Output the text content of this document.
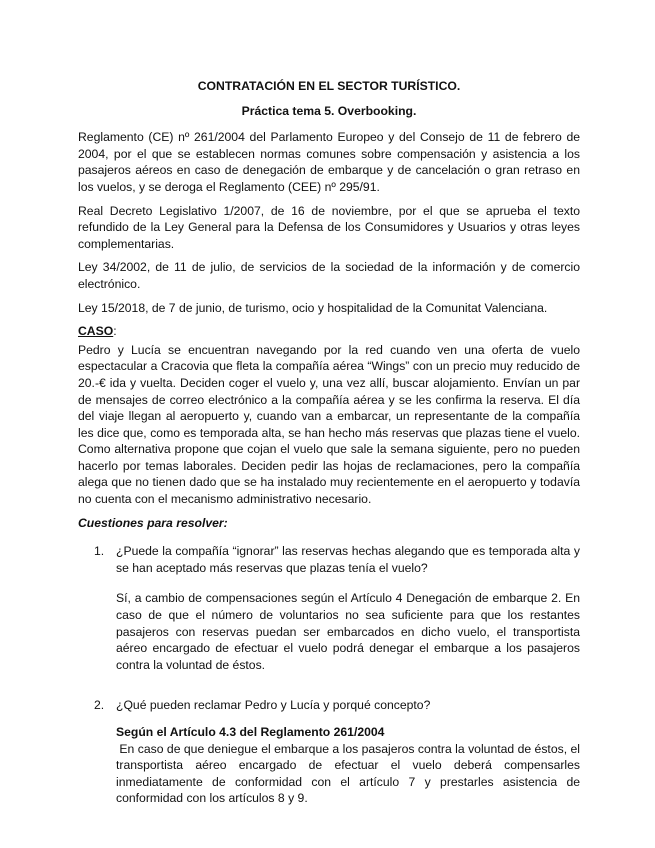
CONTRATACIÓN EN EL SECTOR TURÍSTICO.

Práctica tema 5. Overbooking.

Reglamento (CE) nº 261/2004 del Parlamento Europeo y del Consejo de 11 de febrero de 2004, por el que se establecen normas comunes sobre compensación y asistencia a los pasajeros aéreos en caso de denegación de embarque y de cancelación o gran retraso en los vuelos, y se deroga el Reglamento (CEE) nº 295/91.

Real Decreto Legislativo 1/2007, de 16 de noviembre, por el que se aprueba el texto refundido de la Ley General para la Defensa de los Consumidores y Usuarios y otras leyes complementarias.

Ley 34/2002, de 11 de julio, de servicios de la sociedad de la información y de comercio electrónico.

Ley 15/2018, de 7 de junio, de turismo, ocio y hospitalidad de la Comunitat Valenciana.

CASO:

Pedro y Lucía se encuentran navegando por la red cuando ven una oferta de vuelo espectacular a Cracovia que fleta la compañía aérea “Wings” con un precio muy reducido de 20.-€ ida y vuelta. Deciden coger el vuelo y, una vez allí, buscar alojamiento. Envían un par de mensajes de correo electrónico a la compañía aérea y se les confirma la reserva. El día del viaje llegan al aeropuerto y, cuando van a embarcar, un representante de la compañía les dice que, como es temporada alta, se han hecho más reservas que plazas tiene el vuelo. Como alternativa propone que cojan el vuelo que sale la semana siguiente, pero no pueden hacerlo por temas laborales. Deciden pedir las hojas de reclamaciones, pero la compañía alega que no tienen dado que se ha instalado muy recientemente en el aeropuerto y todavía no cuenta con el mecanismo administrativo necesario.

Cuestiones para resolver:

1. ¿Puede la compañía “ignorar” las reservas hechas alegando que es temporada alta y se han aceptado más reservas que plazas tenía el vuelo?
Sí, a cambio de compensaciones según el Artículo 4 Denegación de embarque 2. En caso de que el número de voluntarios no sea suficiente para que los restantes pasajeros con reservas puedan ser embarcados en dicho vuelo, el transportista aéreo encargado de efectuar el vuelo podrá denegar el embarque a los pasajeros contra la voluntad de éstos.
2. ¿Qué pueden reclamar Pedro y Lucía y porqué concepto?
Según el Artículo 4.3 del Reglamento 261/2004
En caso de que deniegue el embarque a los pasajeros contra la voluntad de éstos, el transportista aéreo encargado de efectuar el vuelo deberá compensarles inmediatamente de conformidad con el artículo 7 y prestarles asistencia de conformidad con los artículos 8 y 9.
